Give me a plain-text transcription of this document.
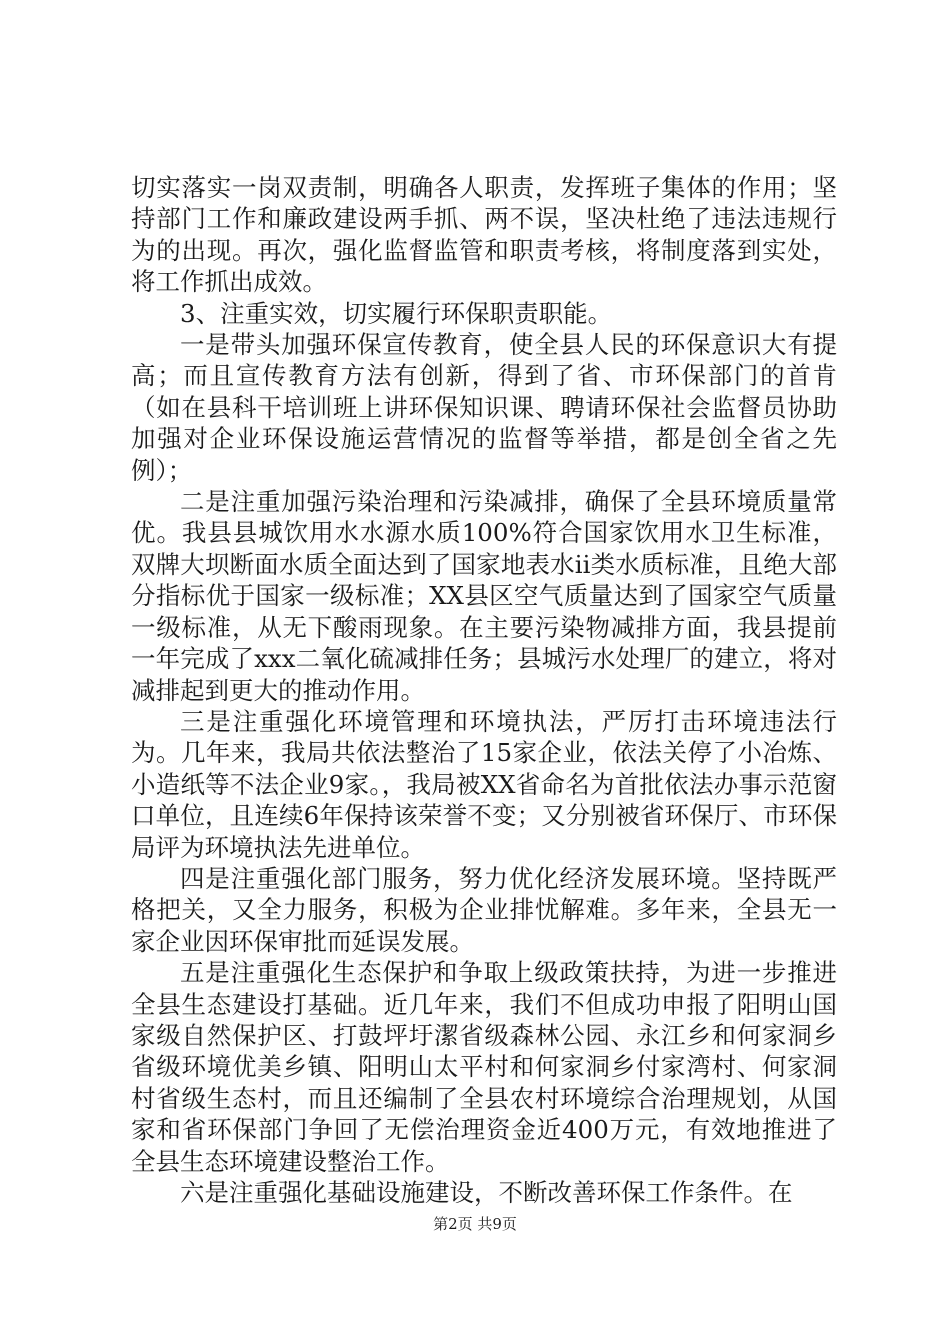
切实落实一岗双责制，明确各人职责，发挥班子集体的作用；坚持部门工作和廉政建设两手抓、两不误，坚决杜绝了违法违规行为的出现。再次，强化监督监管和职责考核，将制度落到实处，将工作抓出成效。

3、注重实效，切实履行环保职责职能。

一是带头加强环保宣传教育，使全县人民的环保意识大有提高；而且宣传教育方法有创新，得到了省、市环保部门的首肯（如在县科干培训班上讲环保知识课、聘请环保社会监督员协助加强对企业环保设施运营情况的监督等举措，都是创全省之先例）；

二是注重加强污染治理和污染减排，确保了全县环境质量常优。我县县城饮用水水源水质100%符合国家饮用水卫生标准，双牌大坝断面水质全面达到了国家地表水ii类水质标准，且绝大部分指标优于国家一级标准；XX县区空气质量达到了国家空气质量一级标准，从无下酸雨现象。在主要污染物减排方面，我县提前一年完成了xxx二氧化硫减排任务；县城污水处理厂的建立，将对减排起到更大的推动作用。

三是注重强化环境管理和环境执法，严厉打击环境违法行为。几年来，我局共依法整治了15家企业，依法关停了小冶炼、小造纸等不法企业9家。，我局被XX省命名为首批依法办事示范窗口单位，且连续6年保持该荣誉不变；又分别被省环保厅、市环保局评为环境执法先进单位。

四是注重强化部门服务，努力优化经济发展环境。坚持既严格把关，又全力服务，积极为企业排忧解难。多年来，全县无一家企业因环保审批而延误发展。

五是注重强化生态保护和争取上级政策扶持，为进一步推进全县生态建设打基础。近几年来，我们不但成功申报了阳明山国家级自然保护区、打鼓坪圩潔省级森林公园、永江乡和何家洞乡省级环境优美乡镇、阳明山太平村和何家洞乡付家湾村、何家洞村省级生态村，而且还编制了全县农村环境综合治理规划，从国家和省环保部门争回了无偿治理资金近400万元，有效地推进了全县生态环境建设整治工作。

六是注重强化基础设施建设，不断改善环保工作条件。在

第2页 共9页
